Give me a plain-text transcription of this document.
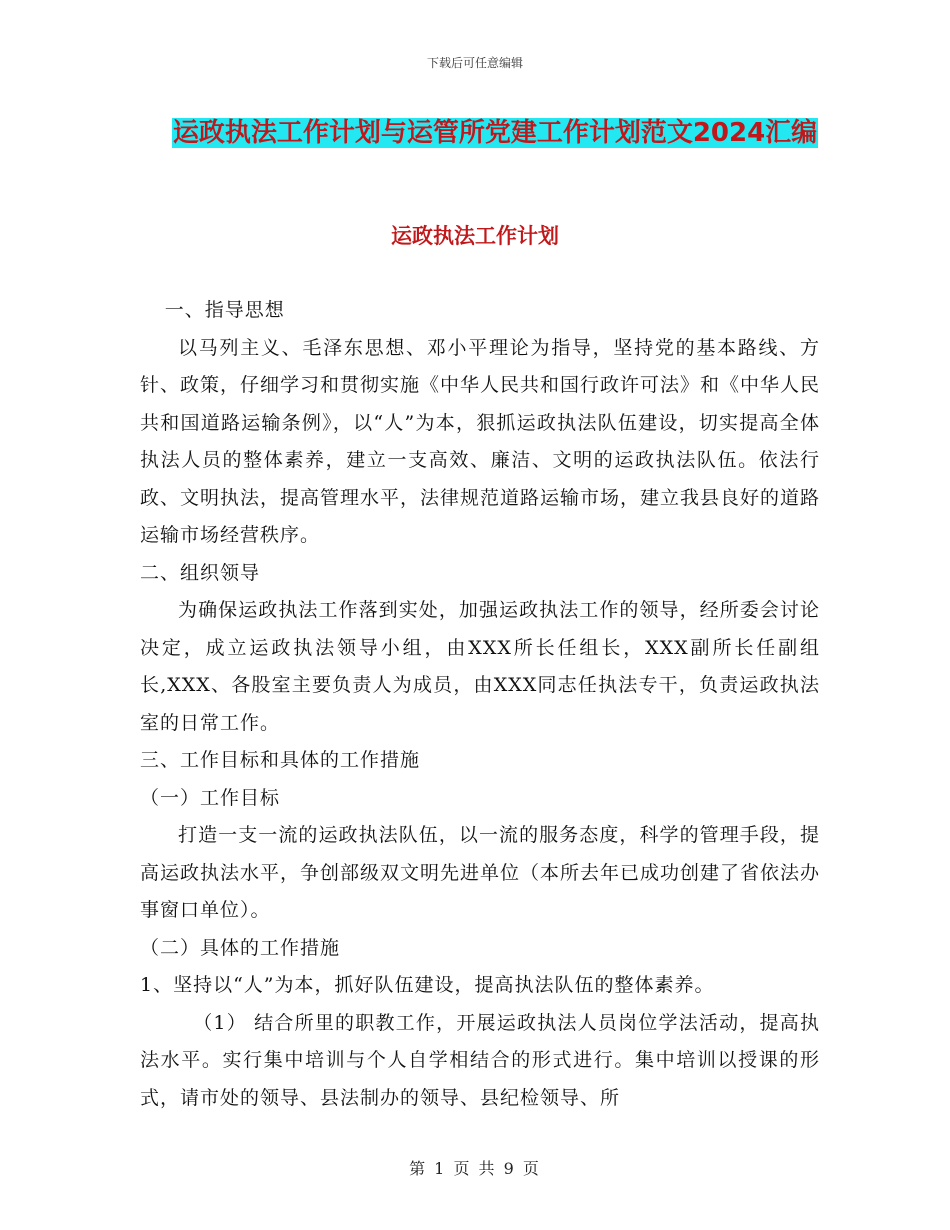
下载后可任意编辑
运政执法工作计划与运管所党建工作计划范文2024汇编
运政执法工作计划

一、指导思想

以马列主义、毛泽东思想、邓小平理论为指导，坚持党的基本路线、方针、政策，仔细学习和贯彻实施《中华人民共和国行政许可法》和《中华人民共和国道路运输条例》，以“人”为本，狠抓运政执法队伍建设，切实提高全体执法人员的整体素养，建立一支高效、廉洁、文明的运政执法队伍。依法行政、文明执法，提高管理水平，法律规范道路运输市场，建立我县良好的道路运输市场经营秩序。

二、组织领导

为确保运政执法工作落到实处，加强运政执法工作的领导，经所委会讨论决定，成立运政执法领导小组，由XXX所长任组长，XXX副所长任副组长,XXX、各股室主要负责人为成员，由XXX同志任执法专干，负责运政执法室的日常工作。

三、工作目标和具体的工作措施

（一）工作目标

打造一支一流的运政执法队伍，以一流的服务态度，科学的管理手段，提高运政执法水平，争创部级双文明先进单位（本所去年已成功创建了省依法办事窗口单位）。

（二）具体的工作措施

1、坚持以“人”为本，抓好队伍建设，提高执法队伍的整体素养。

（1） 结合所里的职教工作，开展运政执法人员岗位学法活动，提高执法水平。实行集中培训与个人自学相结合的形式进行。集中培训以授课的形式，请市处的领导、县法制办的领导、县纪检领导、所

第 1 页 共 9 页
